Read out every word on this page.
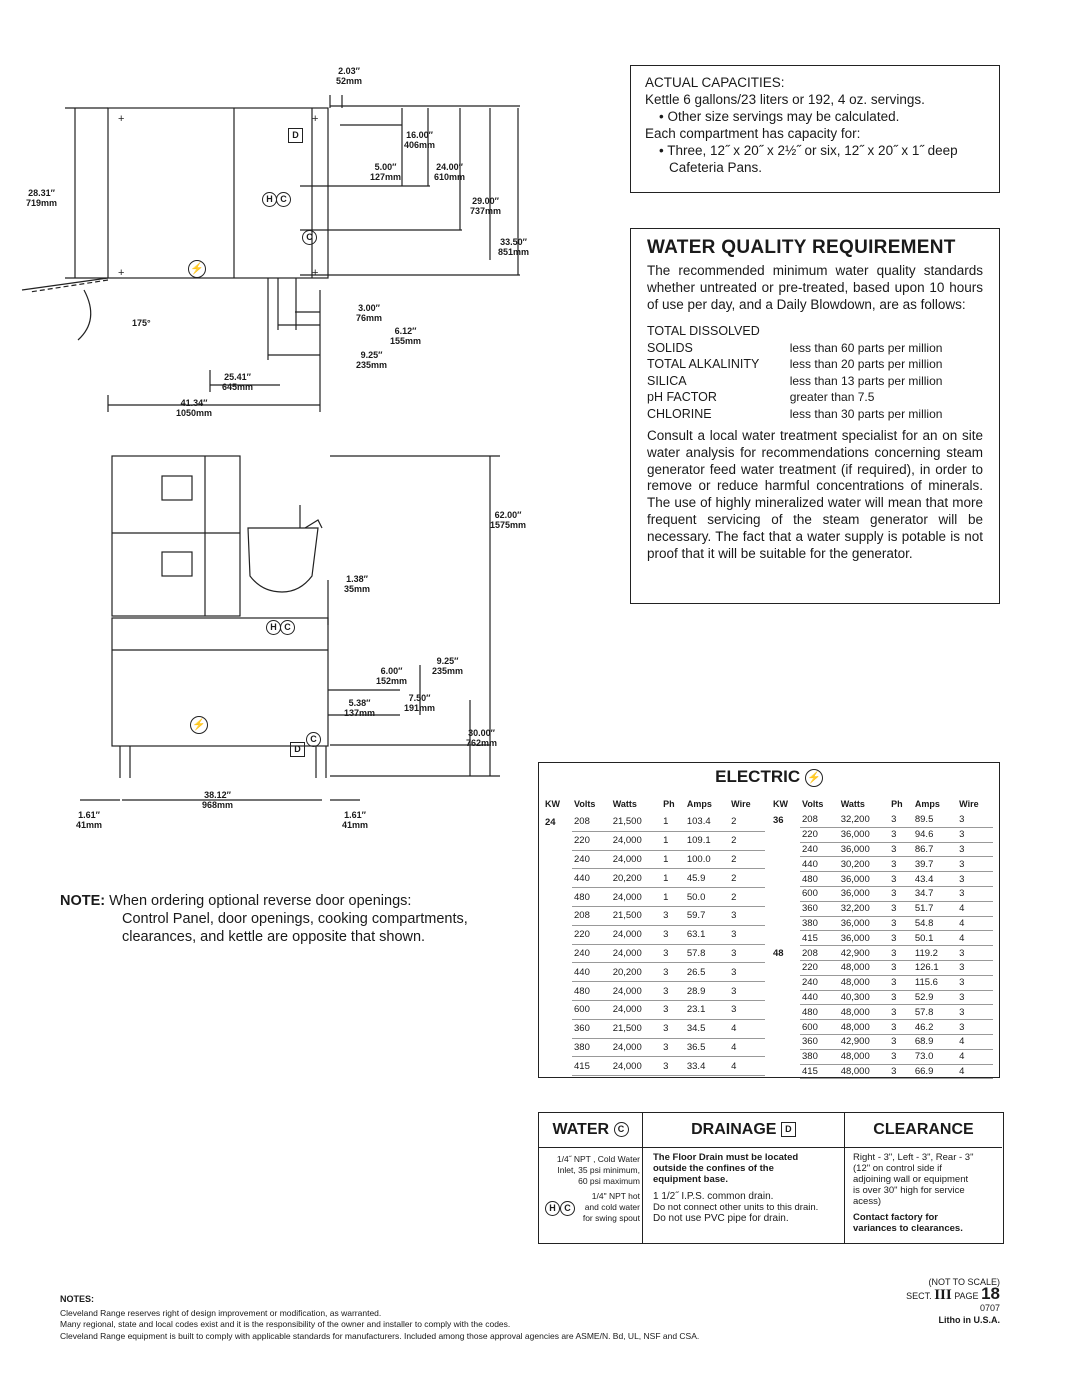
+	+
+	+
D
H C
C
⚡
2.03″
52mm
16.00″
406mm
5.00″
127mm
24.00″
610mm
28.31″
719mm	29.00″
737mm
33.50″
851mm
175°
3.00″
76mm
6.12″
155mm
9.25″
235mm
25.41″
645mm
41.34″
1050mm
H C
C
D
⚡
62.00″
1575mm
1.38″
35mm
9.25″
235mm
6.00″
152mm
7.50″
191mm
5.38″
137mm
30.00″
762mm
38.12″
968mm
1.61″
41mm
1.61″
41mm
NOTE: When ordering optional reverse door openings:
Control Panel, door openings, cooking compartments,
clearances, and kettle are opposite that shown.
ACTUAL CAPACITIES:
Kettle 6 gallons/23 liters or 192, 4 oz. servings.
• Other size servings may be calculated.
Each compartment has capacity for:
• Three, 12˝ x 20˝ x 2½˝ or six, 12˝ x 20˝ x 1˝ deep Cafeteria Pans.
WATER QUALITY REQUIREMENT

The recommended minimum water quality standards whether untreated or pre-treated, based upon 10 hours of use per day, and a Daily Blowdown, are as follows:

TOTAL DISSOLVED	
SOLIDS	less than 60 parts per million
TOTAL ALKALINITY	less than 20 parts per million
SILICA	less than 13 parts per million
pH FACTOR	greater than 7.5
CHLORINE	less than 30 parts per million

Consult a local water treatment specialist for an on site water analysis for recommendations concerning steam generator feed water treatment (if required), in order to remove or reduce harmful concentrations of minerals. The use of highly mineralized water will mean that more frequent servicing of the steam generator will be necessary. The fact that a water supply is potable is not proof that it will be suitable for the generator.

ELECTRIC ⚡
KW	Volts	Watts	Ph	Amps	Wire
24	208	21,500	1	103.4	2
	220	24,000	1	109.1	2
	240	24,000	1	100.0	2
	440	20,200	1	45.9	2
	480	24,000	1	50.0	2
	208	21,500	3	59.7	3
	220	24,000	3	63.1	3
	240	24,000	3	57.8	3
	440	20,200	3	26.5	3
	480	24,000	3	28.9	3
	600	24,000	3	23.1	3
	360	21,500	3	34.5	4
	380	24,000	3	36.5	4
	415	24,000	3	33.4	4
KW	Volts	Watts	Ph	Amps	Wire
36	208	32,200	3	89.5	3
	220	36,000	3	94.6	3
	240	36,000	3	86.7	3
	440	30,200	3	39.7	3
	480	36,000	3	43.4	3
	600	36,000	3	34.7	3
	360	32,200	3	51.7	4
	380	36,000	3	54.8	4
	415	36,000	3	50.1	4
48	208	42,900	3	119.2	3
	220	48,000	3	126.1	3
	240	48,000	3	115.6	3
	440	40,300	3	52.9	3
	480	48,000	3	57.8	3
	600	48,000	3	46.2	3
	360	42,900	3	68.9	4
	380	48,000	3	73.0	4
	415	48,000	3	66.9	4
WATER C
1/4˝ NPT , Cold Water
Inlet, 35 psi minimum,
60 psi maximum
H C
1/4" NPT hot
and cold water
for swing spout
DRAINAGE D
The Floor Drain must be located
outside the confines of the
equipment base.
1 1/2˝ I.P.S. common drain.
Do not connect other units to this drain.
Do not use PVC pipe for drain.
CLEARANCE
Right - 3", Left - 3", Rear - 3"
(12" on control side if
adjoining wall or equipment
is over 30" high for service
acess)
Contact factory for
variances to clearances.
NOTES:
Cleveland Range reserves right of design improvement or modification, as warranted.
Many regional, state and local codes exist and it is the responsibility of the owner and installer to comply with the codes.
Cleveland Range equipment is built to comply with applicable standards for manufacturers. Included among those approval agencies are ASME/N. Bd, UL, NSF and CSA.
(NOT TO SCALE)
SECT. III PAGE 18
0707
Litho in U.S.A.
